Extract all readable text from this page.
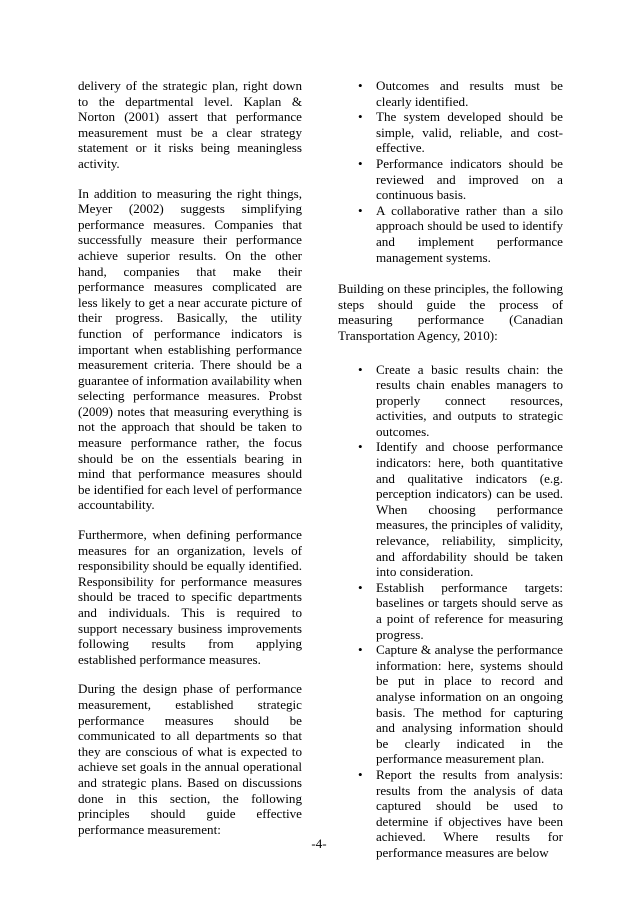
delivery of the strategic plan, right down to the departmental level. Kaplan & Norton (2001) assert that performance measurement must be a clear strategy statement or it risks being meaningless activity.

In addition to measuring the right things, Meyer (2002) suggests simplifying performance measures. Companies that successfully measure their performance achieve superior results. On the other hand, companies that make their performance measures complicated are less likely to get a near accurate picture of their progress. Basically, the utility function of performance indicators is important when establishing performance measurement criteria. There should be a guarantee of information availability when selecting performance measures. Probst (2009) notes that measuring everything is not the approach that should be taken to measure performance rather, the focus should be on the essentials bearing in mind that performance measures should be identified for each level of performance accountability.

Furthermore, when defining performance measures for an organization, levels of responsibility should be equally identified. Responsibility for performance measures should be traced to specific departments and individuals. This is required to support necessary business improvements following results from applying established performance measures.

During the design phase of performance measurement, established strategic performance measures should be communicated to all departments so that they are conscious of what is expected to achieve set goals in the annual operational and strategic plans. Based on discussions done in this section, the following principles should guide effective performance measurement:

• Outcomes and results must be clearly identified.
• The system developed should be simple, valid, reliable, and cost-effective.
• Performance indicators should be reviewed and improved on a continuous basis.
• A collaborative rather than a silo approach should be used to identify and implement performance management systems.

Building on these principles, the following steps should guide the process of measuring performance (Canadian Transportation Agency, 2010):

• Create a basic results chain: the results chain enables managers to properly connect resources, activities, and outputs to strategic outcomes.
• Identify and choose performance indicators: here, both quantitative and qualitative indicators (e.g. perception indicators) can be used. When choosing performance measures, the principles of validity, relevance, reliability, simplicity, and affordability should be taken into consideration.
• Establish performance targets: baselines or targets should serve as a point of reference for measuring progress.
• Capture & analyse the performance information: here, systems should be put in place to record and analyse information on an ongoing basis. The method for capturing and analysing information should be clearly indicated in the performance measurement plan.
• Report the results from analysis: results from the analysis of data captured should be used to determine if objectives have been achieved. Where results for performance measures are below
-4-
